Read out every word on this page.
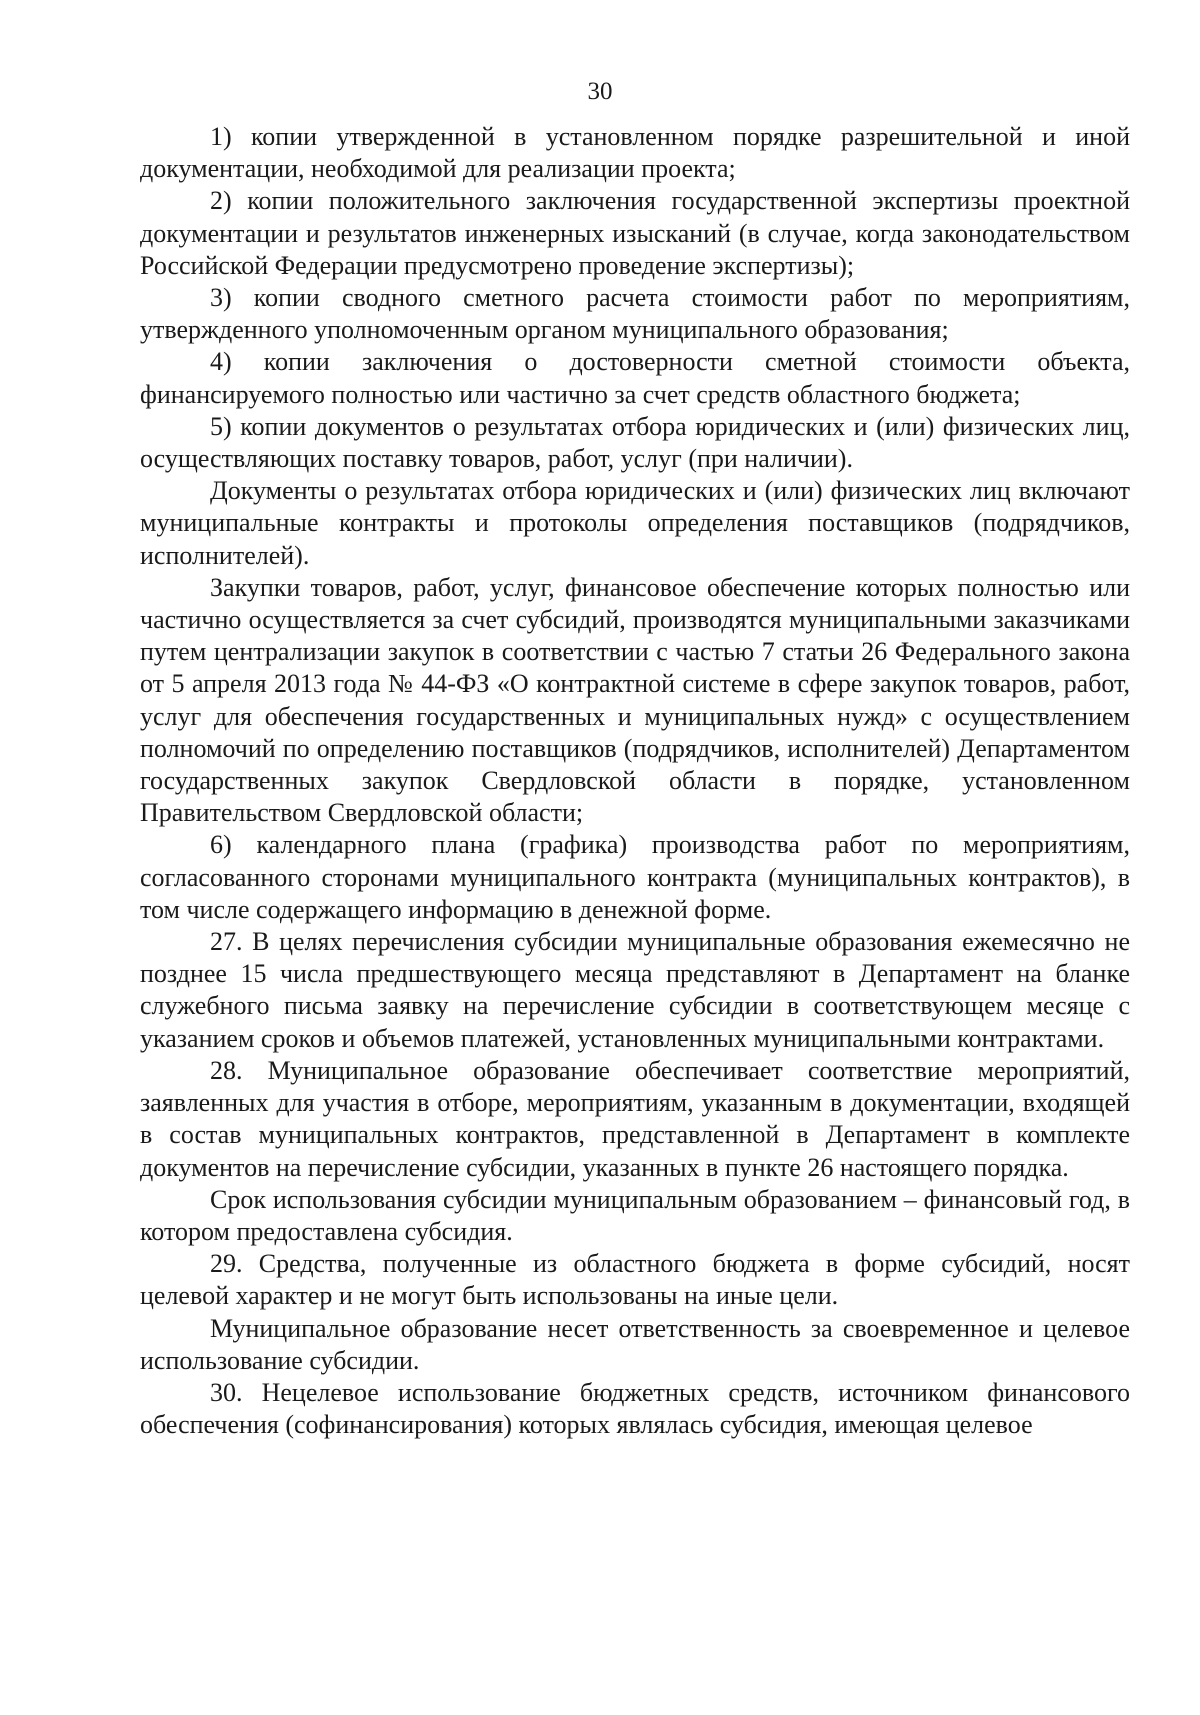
30

1) копии утвержденной в установленном порядке разрешительной и иной документации, необходимой для реализации проекта;

2) копии положительного заключения государственной экспертизы проектной документации и результатов инженерных изысканий (в случае, когда законодательством Российской Федерации предусмотрено проведение экспертизы);

3) копии сводного сметного расчета стоимости работ по мероприятиям, утвержденного уполномоченным органом муниципального образования;

4) копии заключения о достоверности сметной стоимости объекта, финансируемого полностью или частично за счет средств областного бюджета;

5) копии документов о результатах отбора юридических и (или) физических лиц, осуществляющих поставку товаров, работ, услуг (при наличии).

Документы о результатах отбора юридических и (или) физических лиц включают муниципальные контракты и протоколы определения поставщиков (подрядчиков, исполнителей).

Закупки товаров, работ, услуг, финансовое обеспечение которых полностью или частично осуществляется за счет субсидий, производятся муниципальными заказчиками путем централизации закупок в соответствии с частью 7 статьи 26 Федерального закона от 5 апреля 2013 года № 44-ФЗ «О контрактной системе в сфере закупок товаров, работ, услуг для обеспечения государственных и муниципальных нужд» с осуществлением полномочий по определению поставщиков (подрядчиков, исполнителей) Департаментом государственных закупок Свердловской области в порядке, установленном Правительством Свердловской области;

6) календарного плана (графика) производства работ по мероприятиям, согласованного сторонами муниципального контракта (муниципальных контрактов), в том числе содержащего информацию в денежной форме.

27. В целях перечисления субсидии муниципальные образования ежемесячно не позднее 15 числа предшествующего месяца представляют в Департамент на бланке служебного письма заявку на перечисление субсидии в соответствующем месяце с указанием сроков и объемов платежей, установленных муниципальными контрактами.

28. Муниципальное образование обеспечивает соответствие мероприятий, заявленных для участия в отборе, мероприятиям, указанным в документации, входящей в состав муниципальных контрактов, представленной в Департамент в комплекте документов на перечисление субсидии, указанных в пункте 26 настоящего порядка.

Срок использования субсидии муниципальным образованием – финансовый год, в котором предоставлена субсидия.

29. Средства, полученные из областного бюджета в форме субсидий, носят целевой характер и не могут быть использованы на иные цели.

Муниципальное образование несет ответственность за своевременное и целевое использование субсидии.

30. Нецелевое использование бюджетных средств, источником финансового обеспечения (софинансирования) которых являлась субсидия, имеющая целевое
